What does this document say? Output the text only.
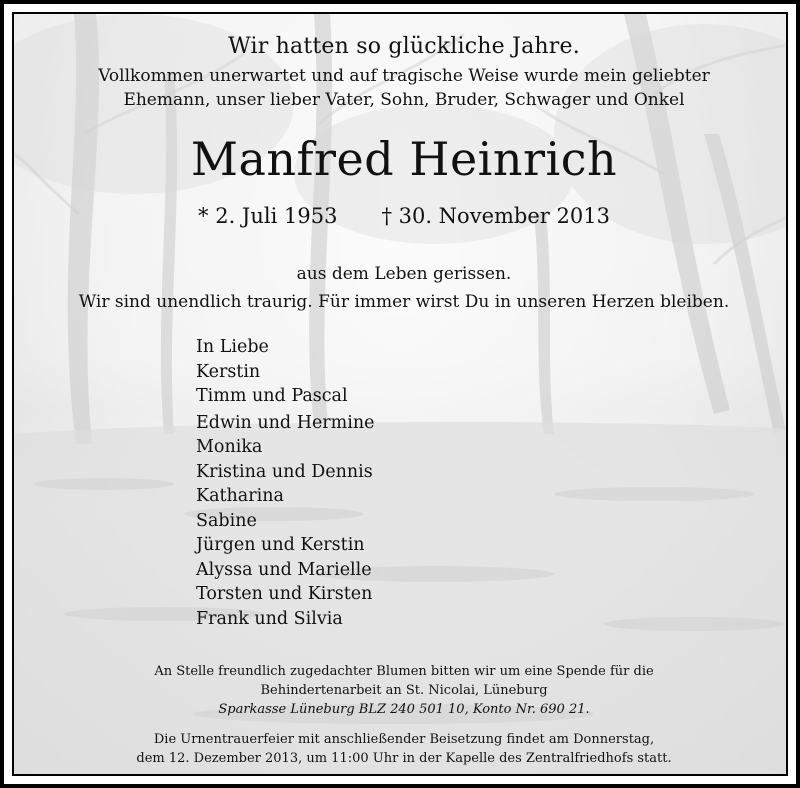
Wir hatten so glückliche Jahre.
Vollkommen unerwartet und auf tragische Weise wurde mein geliebter
Ehemann, unser lieber Vater, Sohn, Bruder, Schwager und Onkel
Manfred Heinrich
* 2. Juli 1953 † 30. November 2013
aus dem Leben gerissen.
Wir sind unendlich traurig. Für immer wirst Du in unseren Herzen bleiben.
In Liebe
Kerstin
Timm und Pascal
Edwin und Hermine
Monika
Kristina und Dennis
Katharina
Sabine
Jürgen und Kerstin
Alyssa und Marielle
Torsten und Kirsten
Frank und Silvia
An Stelle freundlich zugedachter Blumen bitten wir um eine Spende für die
Behindertenarbeit an St. Nicolai, Lüneburg
Sparkasse Lüneburg BLZ 240 501 10, Konto Nr. 690 21.
Die Urnentrauerfeier mit anschließender Beisetzung findet am Donnerstag,
dem 12. Dezember 2013, um 11:00 Uhr in der Kapelle des Zentralfriedhofs statt.
